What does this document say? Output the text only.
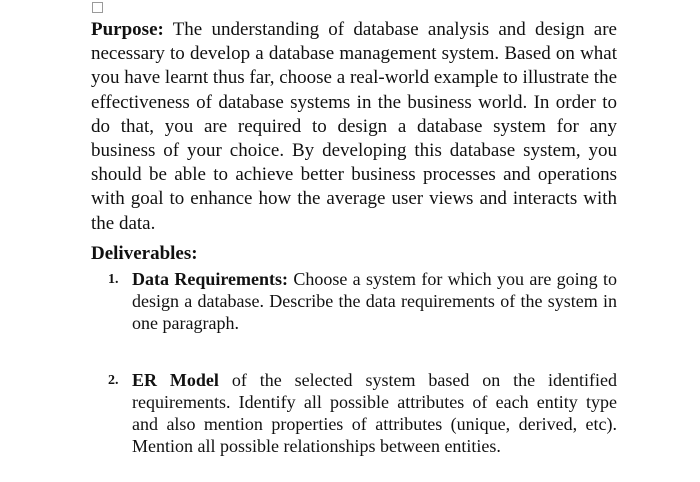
Purpose: The understanding of database analysis and design are necessary to develop a database management system. Based on what you have learnt thus far, choose a real-world example to illustrate the effectiveness of database systems in the business world. In order to do that, you are required to design a database system for any business of your choice. By developing this database system, you should be able to achieve better business processes and operations with goal to enhance how the average user views and interacts with the data.

Deliverables:
1. Data Requirements: Choose a system for which you are going to design a database. Describe the data requirements of the system in one paragraph.

2. ER Model of the selected system based on the identified requirements. Identify all possible attributes of each entity type and also mention properties of attributes (unique, derived, etc). Mention all possible relationships between entities.
